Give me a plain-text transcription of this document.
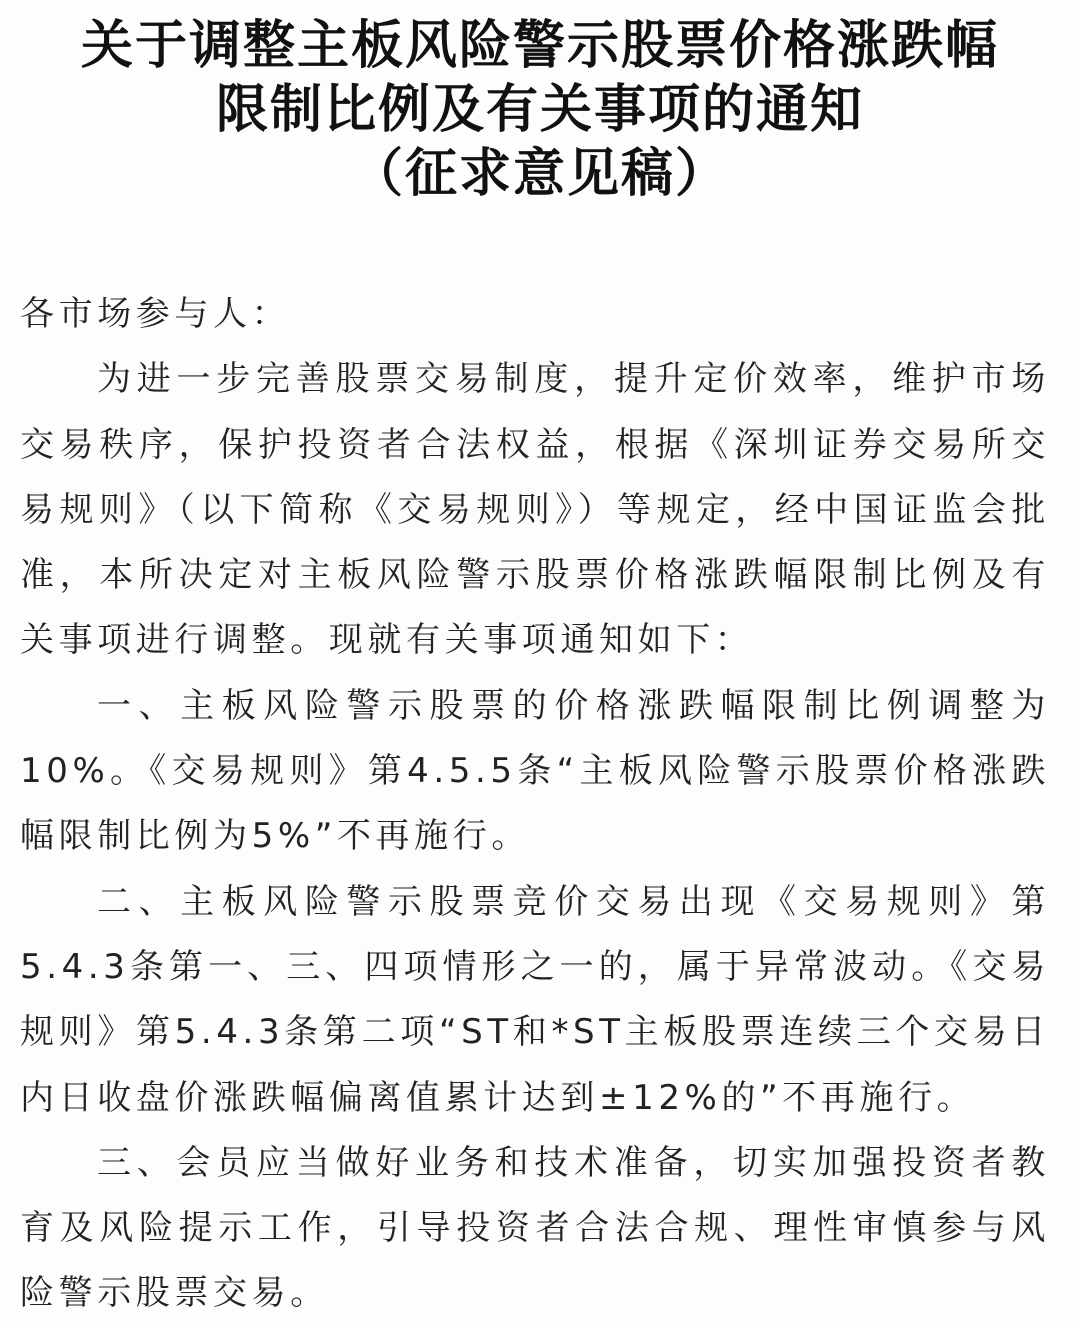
关于调整主板风险警示股票价格涨跌幅
限制比例及有关事项的通知
（征求意见稿）

各市场参与人：

为进一步完善股票交易制度，提升定价效率，维护市场交易秩序，保护投资者合法权益，根据《深圳证券交易所交易规则》（以下简称《交易规则》）等规定，经中国证监会批准，本所决定对主板风险警示股票价格涨跌幅限制比例及有关事项进行调整。现就有关事项通知如下：

一、主板风险警示股票的价格涨跌幅限制比例调整为10%。《交易规则》第4.5.5条“主板风险警示股票价格涨跌幅限制比例为5%”不再施行。

二、主板风险警示股票竞价交易出现《交易规则》第5.4.3条第一、三、四项情形之一的，属于异常波动。《交易规则》第5.4.3条第二项“ST和*ST主板股票连续三个交易日内日收盘价涨跌幅偏离值累计达到±12%的”不再施行。

三、会员应当做好业务和技术准备，切实加强投资者教育及风险提示工作，引导投资者合法合规、理性审慎参与风险警示股票交易。
